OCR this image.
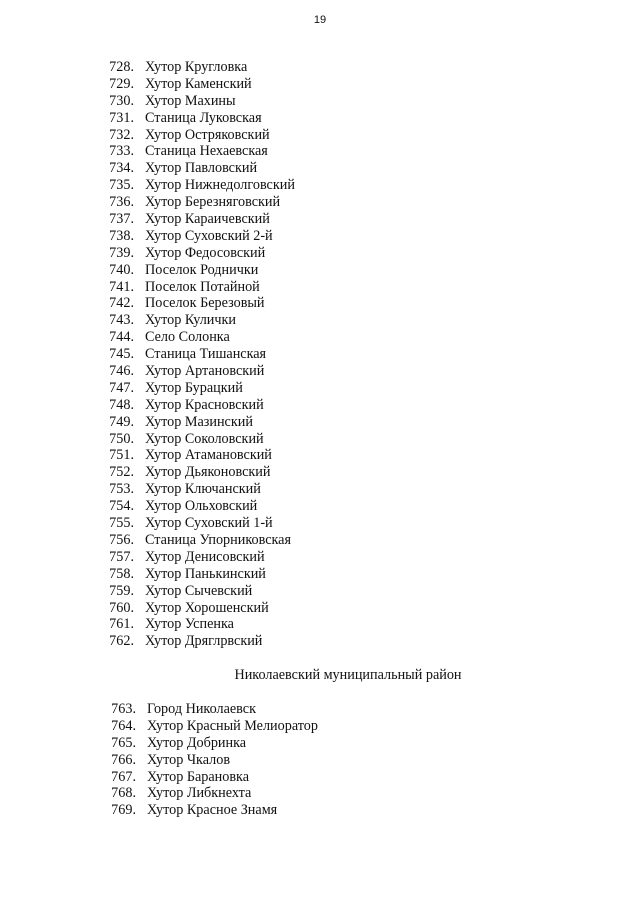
19
728. Хутор Кругловка
729. Хутор Каменский
730. Хутор Махины
731. Станица Луковская
732. Хутор Остряковский
733. Станица Нехаевская
734. Хутор Павловский
735. Хутор Нижнедолговский
736. Хутор Березняговский
737. Хутор Караичевский
738. Хутор Суховский 2-й
739. Хутор Федосовский
740. Поселок Роднички
741. Поселок Потайной
742. Поселок Березовый
743. Хутор Кулички
744. Село Солонка
745. Станица Тишанская
746. Хутор Артановский
747. Хутор Бурацкий
748. Хутор Красновский
749. Хутор Мазинский
750. Хутор Соколовский
751. Хутор Атамановский
752. Хутор Дьяконовский
753. Хутор Ключанский
754. Хутор Ольховский
755. Хутор Суховский 1-й
756. Станица Упорниковская
757. Хутор Денисовский
758. Хутор Панькинский
759. Хутор Сычевский
760. Хутор Хорошенский
761. Хутор Успенка
762. Хутор Дряглрвский
Николаевский муниципальный район
763. Город Николаевск
764. Хутор Красный Мелиоратор
765. Хутор Добринка
766. Хутор Чкалов
767. Хутор Барановка
768. Хутор Либкнехта
769. Хутор Красное Знамя
